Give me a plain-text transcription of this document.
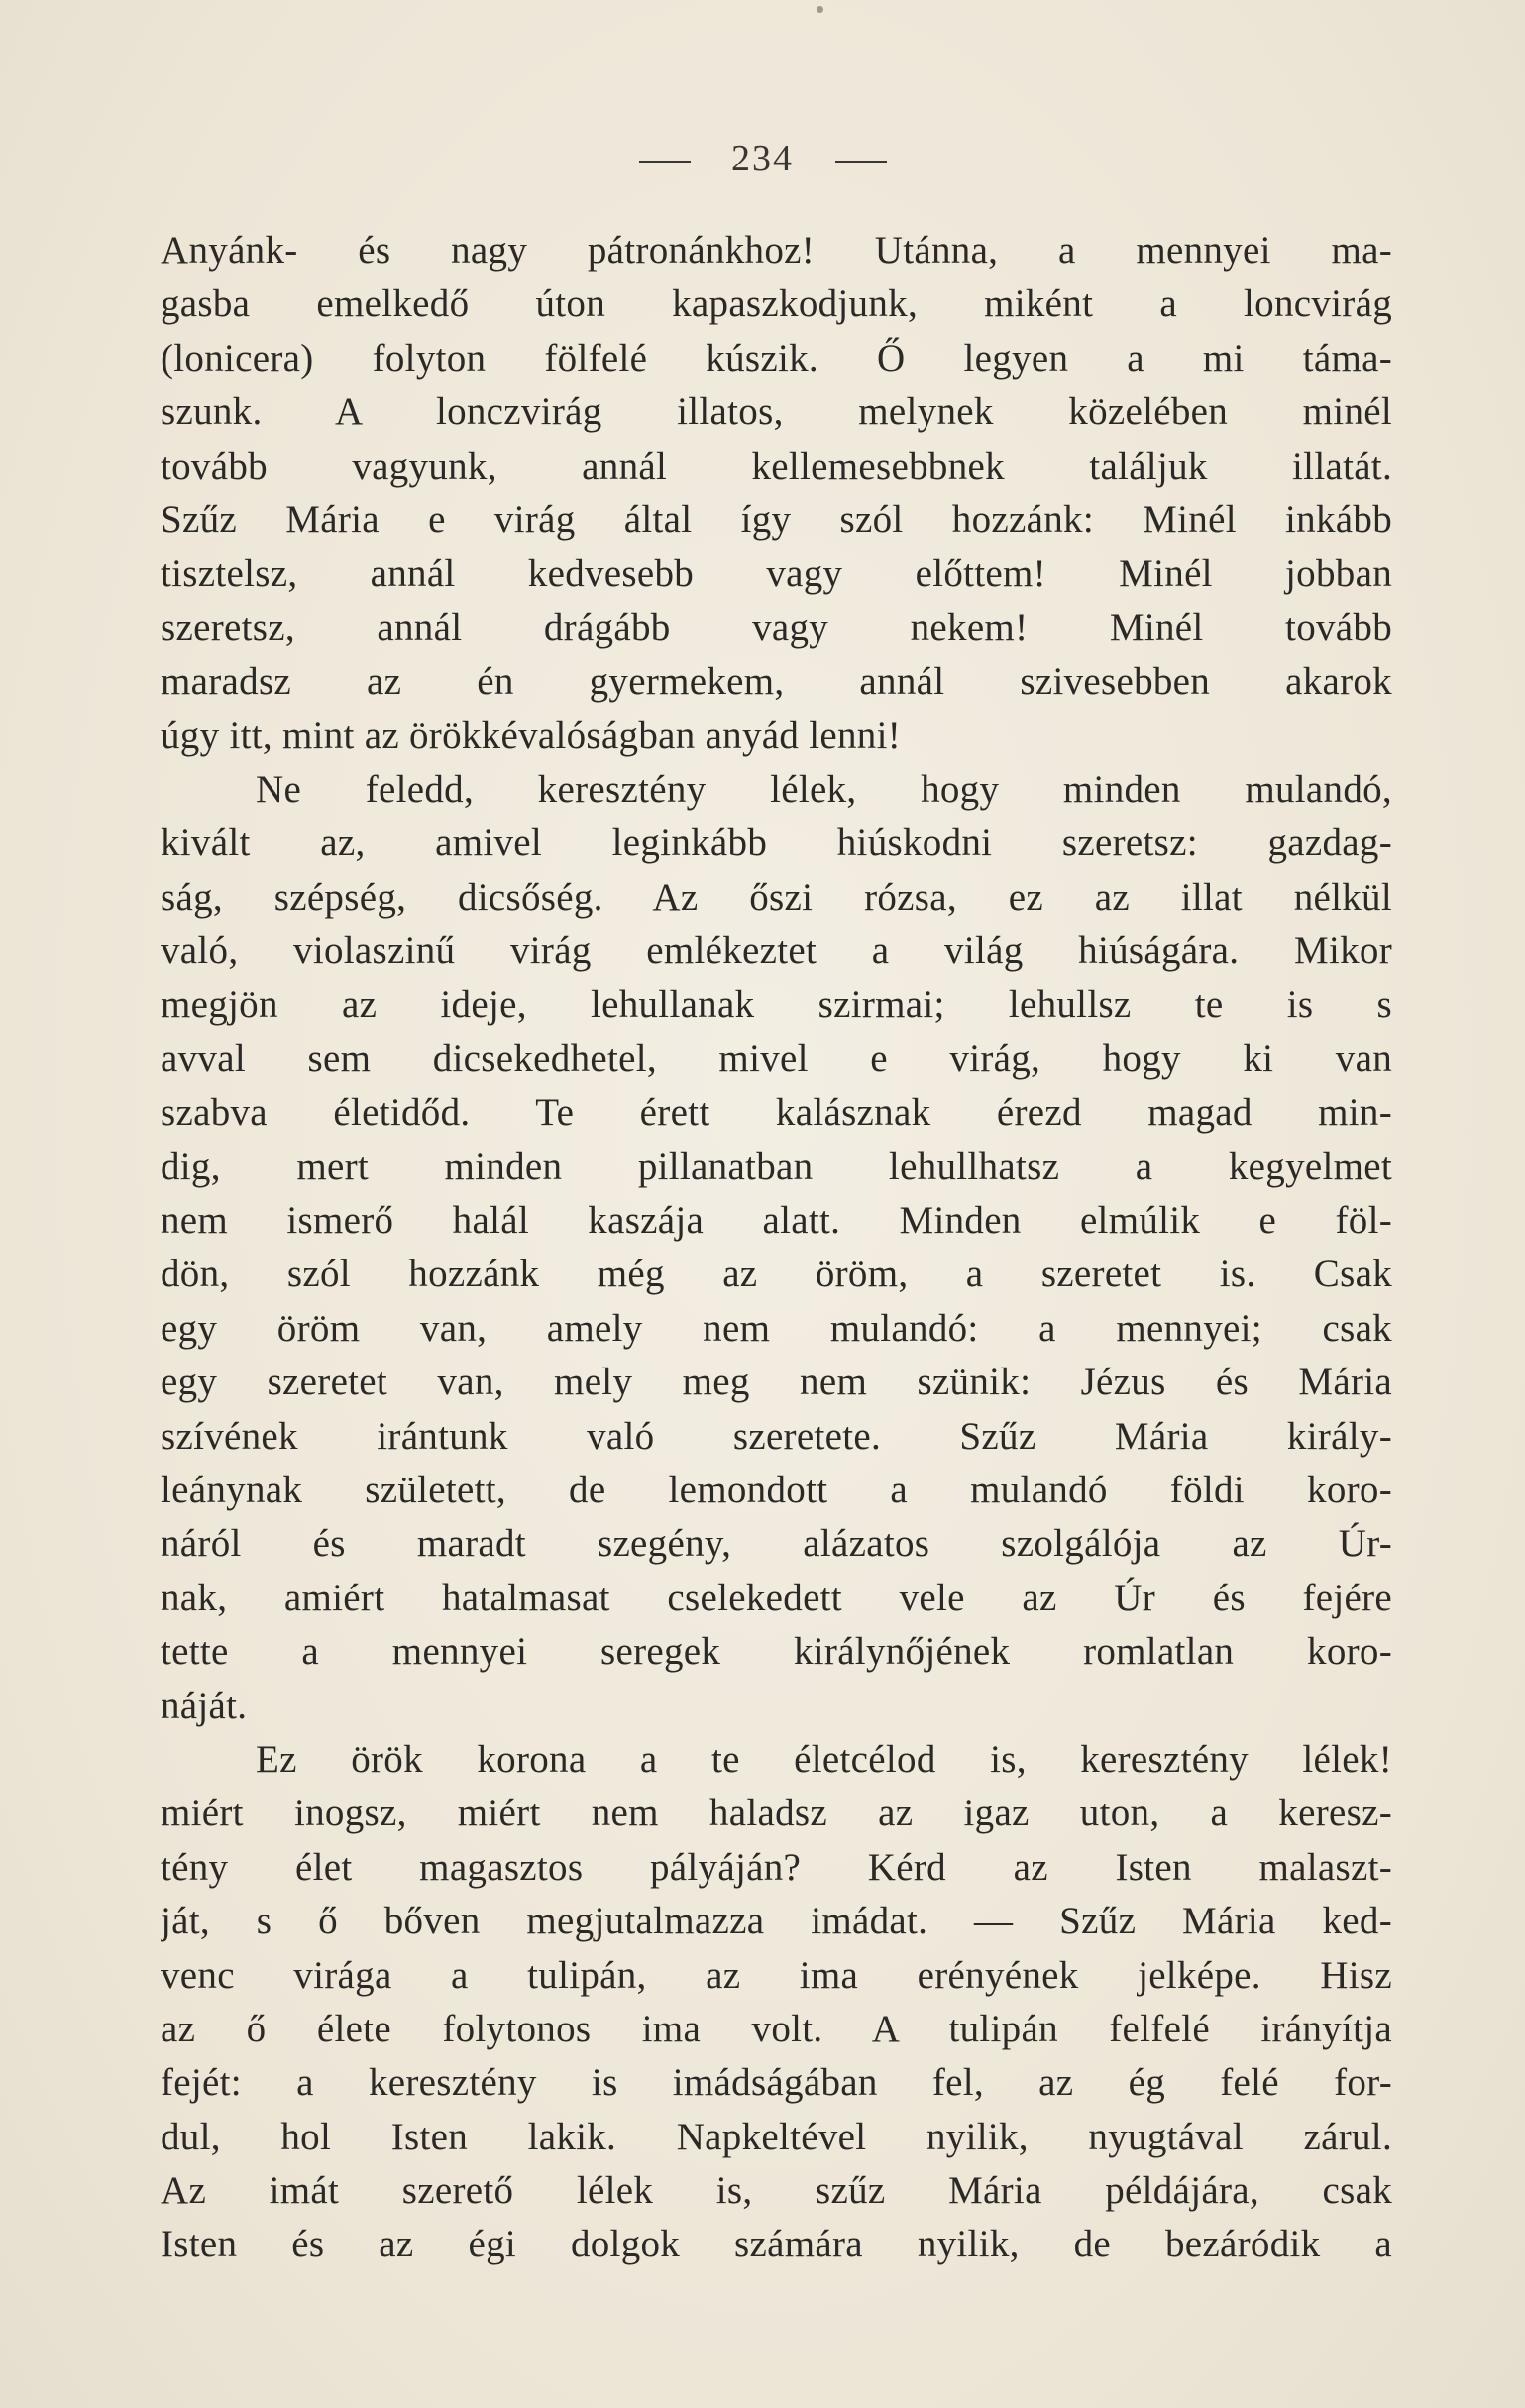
234
Anyánk- és nagy pátronánkhoz! Utánna, a mennyei ma-
gasba emelkedő úton kapaszkodjunk, miként a loncvirág
(lonicera) folyton fölfelé kúszik. Ő legyen a mi táma-
szunk. A lonczvirág illatos, melynek közelében minél
tovább vagyunk, annál kellemesebbnek találjuk illatát.
Szűz Mária e virág által így szól hozzánk: Minél inkább
tisztelsz, annál kedvesebb vagy előttem! Minél jobban
szeretsz, annál drágább vagy nekem! Minél tovább
maradsz az én gyermekem, annál szivesebben akarok
úgy itt, mint az örökkévalóságban anyád lenni!
Ne feledd, keresztény lélek, hogy minden mulandó,
kivált az, amivel leginkább hiúskodni szeretsz: gazdag-
ság, szépség, dicsőség. Az őszi rózsa, ez az illat nélkül
való, violaszinű virág emlékeztet a világ hiúságára. Mikor
megjön az ideje, lehullanak szirmai; lehullsz te is s
avval sem dicsekedhetel, mivel e virág, hogy ki van
szabva életidőd. Te érett kalásznak érezd magad min-
dig, mert minden pillanatban lehullhatsz a kegyelmet
nem ismerő halál kaszája alatt. Minden elmúlik e föl-
dön, szól hozzánk még az öröm, a szeretet is. Csak
egy öröm van, amely nem mulandó: a mennyei; csak
egy szeretet van, mely meg nem szünik: Jézus és Mária
szívének irántunk való szeretete. Szűz Mária király-
leánynak született, de lemondott a mulandó földi koro-
náról és maradt szegény, alázatos szolgálója az Úr-
nak, amiért hatalmasat cselekedett vele az Úr és fejére
tette a mennyei seregek királynőjének romlatlan koro-
náját.
Ez örök korona a te életcélod is, keresztény lélek!
miért inogsz, miért nem haladsz az igaz uton, a keresz-
tény élet magasztos pályáján? Kérd az Isten malaszt-
ját, s ő bőven megjutalmazza imádat. — Szűz Mária ked-
venc virága a tulipán, az ima erényének jelképe. Hisz
az ő élete folytonos ima volt. A tulipán felfelé irányítja
fejét: a keresztény is imádságában fel, az ég felé for-
dul, hol Isten lakik. Napkeltével nyilik, nyugtával zárul.
Az imát szerető lélek is, szűz Mária példájára, csak
Isten és az égi dolgok számára nyilik, de bezáródik a
